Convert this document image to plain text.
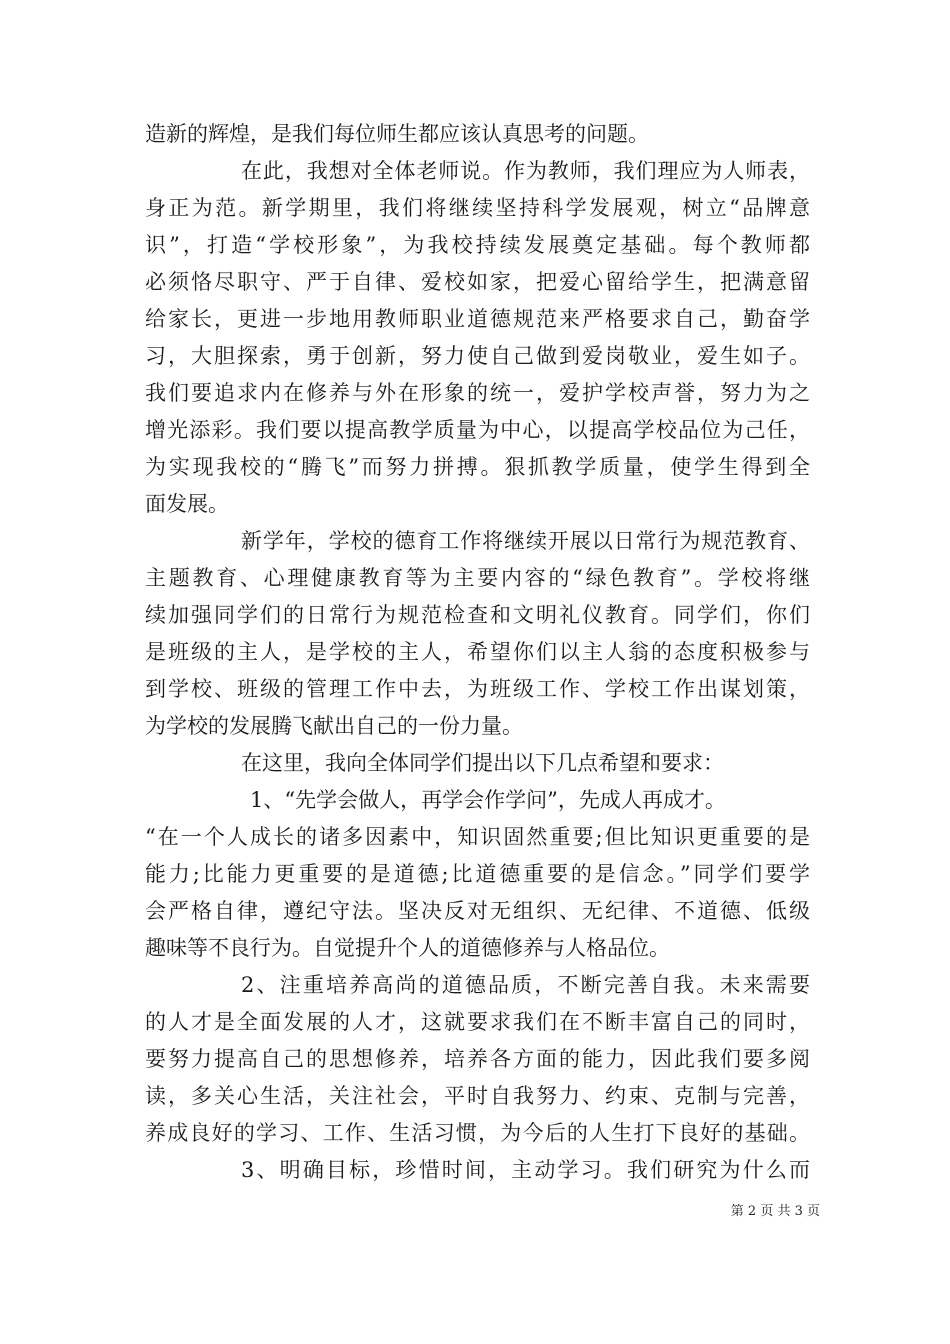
造新的辉煌，是我们每位师生都应该认真思考的问题。
在此，我想对全体老师说。作为教师，我们理应为人师表，
身正为范。新学期里，我们将继续坚持科学发展观，树立“品牌意
识”，打造“学校形象”，为我校持续发展奠定基础。每个教师都
必须恪尽职守、严于自律、爱校如家，把爱心留给学生，把满意留
给家长，更进一步地用教师职业道德规范来严格要求自己，勤奋学
习，大胆探索，勇于创新，努力使自己做到爱岗敬业，爱生如子。
我们要追求内在修养与外在形象的统一，爱护学校声誉，努力为之
增光添彩。我们要以提高教学质量为中心，以提高学校品位为己任，
为实现我校的“腾飞”而努力拼搏。狠抓教学质量，使学生得到全
面发展。
新学年，学校的德育工作将继续开展以日常行为规范教育、
主题教育、心理健康教育等为主要内容的“绿色教育”。学校将继
续加强同学们的日常行为规范检查和文明礼仪教育。同学们，你们
是班级的主人，是学校的主人，希望你们以主人翁的态度积极参与
到学校、班级的管理工作中去，为班级工作、学校工作出谋划策，
为学校的发展腾飞献出自己的一份力量。
在这里，我向全体同学们提出以下几点希望和要求：
1、“先学会做人，再学会作学问”，先成人再成才。
“在一个人成长的诸多因素中，知识固然重要;但比知识更重要的是
能力;比能力更重要的是道德;比道德重要的是信念。”同学们要学
会严格自律，遵纪守法。坚决反对无组织、无纪律、不道德、低级
趣味等不良行为。自觉提升个人的道德修养与人格品位。
2、注重培养高尚的道德品质，不断完善自我。未来需要
的人才是全面发展的人才，这就要求我们在不断丰富自己的同时，
要努力提高自己的思想修养，培养各方面的能力，因此我们要多阅
读，多关心生活，关注社会，平时自我努力、约束、克制与完善，
养成良好的学习、工作、生活习惯，为今后的人生打下良好的基础。
3、明确目标，珍惜时间，主动学习。我们研究为什么而
第 2 页 共 3 页
